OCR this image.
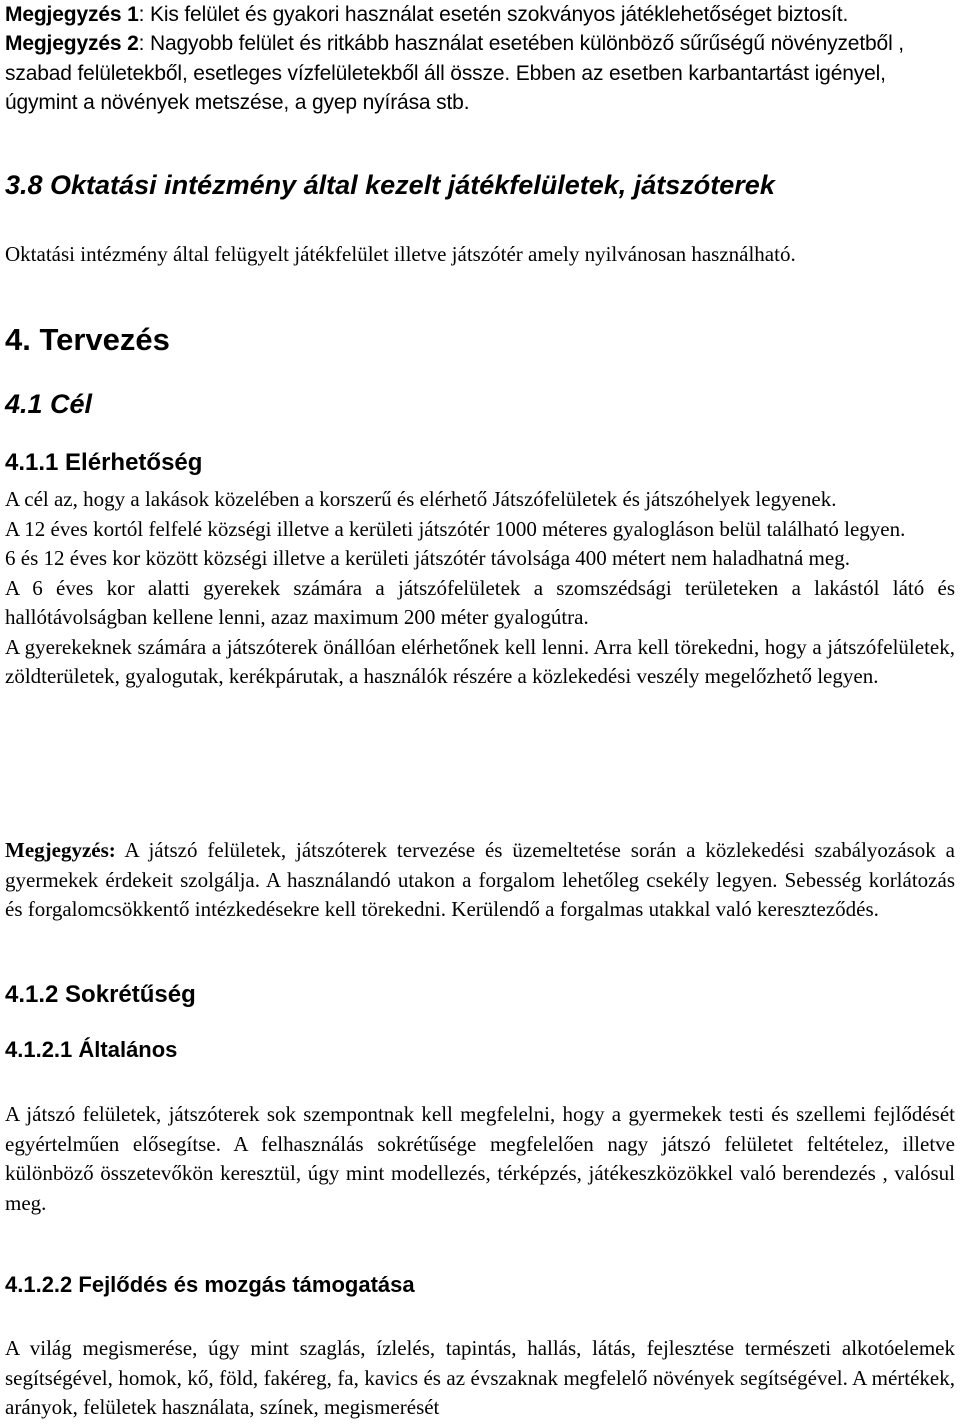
Megjegyzés 1: Kis felület és gyakori használat esetén szokványos játéklehetőséget biztosít.
Megjegyzés 2: Nagyobb felület és ritkább használat esetében különböző sűrűségű növényzetből , szabad felületekből, esetleges vízfelületekből áll össze. Ebben az esetben karbantartást igényel, úgymint a növények metszése, a gyep nyírása stb.
3.8 Oktatási intézmény által kezelt játékfelületek, játszóterek

Oktatási intézmény által felügyelt játékfelület illetve játszótér amely nyilvánosan használható.

4. Tervezés
4.1 Cél
4.1.1 Elérhetőség

A cél az, hogy a lakások közelében a korszerű és elérhető Játszófelületek és játszóhelyek legyenek.

A 12 éves kortól felfelé községi illetve a kerületi játszótér 1000 méteres gyalogláson belül található legyen.

6 és 12 éves kor között községi illetve a kerületi játszótér távolsága 400 métert nem haladhatná meg.

A 6 éves kor alatti gyerekek számára a játszófelületek a szomszédsági területeken a lakástól látó és hallótávolságban kellene lenni, azaz maximum 200 méter gyalogútra.

A gyerekeknek számára a játszóterek önállóan elérhetőnek kell lenni. Arra kell törekedni, hogy a játszófelületek, zöldterületek, gyalogutak, kerékpárutak, a használók részére a közlekedési veszély megelőzhető legyen.

Megjegyzés: A játszó felületek, játszóterek tervezése és üzemeltetése során a közlekedési szabályozások a gyermekek érdekeit szolgálja. A használandó utakon a forgalom lehetőleg csekély legyen. Sebesség korlátozás és forgalomcsökkentő intézkedésekre kell törekedni. Kerülendő a forgalmas utakkal való kereszteződés.
4.1.2 Sokrétűség
4.1.2.1 Általános

A játszó felületek, játszóterek sok szempontnak kell megfelelni, hogy a gyermekek testi és szellemi fejlődését egyértelműen elősegítse. A felhasználás sokrétűsége megfelelően nagy játszó felületet feltételez, illetve különböző összetevőkön keresztül, úgy mint modellezés, térképzés, játékeszközökkel való berendezés , valósul meg.

4.1.2.2 Fejlődés és mozgás támogatása

A világ megismerése, úgy mint szaglás, ízlelés, tapintás, hallás, látás, fejlesztése természeti alkotóelemek segítségével, homok, kő, föld, fakéreg, fa, kavics és az évszaknak megfelelő növények segítségével. A mértékek, arányok, felületek használata, színek, megismerését
